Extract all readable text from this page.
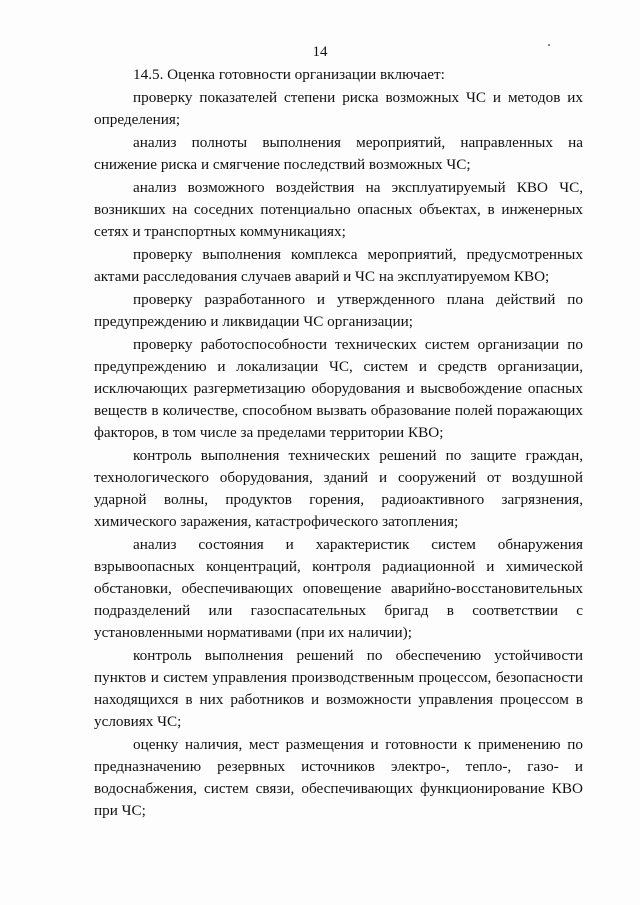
14

14.5. Оценка готовности организации включает:

проверку показателей степени риска возможных ЧС и методов их определения;

анализ полноты выполнения мероприятий, направленных на снижение риска и смягчение последствий возможных ЧС;

анализ возможного воздействия на эксплуатируемый КВО ЧС, возникших на соседних потенциально опасных объектах, в инженерных сетях и транспортных коммуникациях;

проверку выполнения комплекса мероприятий, предусмотренных актами расследования случаев аварий и ЧС на эксплуатируемом КВО;

проверку разработанного и утвержденного плана действий по предупреждению и ликвидации ЧС организации;

проверку работоспособности технических систем организации по предупреждению и локализации ЧС, систем и средств организации, исключающих разгерметизацию оборудования и высвобождение опасных веществ в количестве, способном вызвать образование полей поражающих факторов, в том числе за пределами территории КВО;

контроль выполнения технических решений по защите граждан, технологического оборудования, зданий и сооружений от воздушной ударной волны, продуктов горения, радиоактивного загрязнения, химического заражения, катастрофического затопления;

анализ состояния и характеристик систем обнаружения взрывоопасных концентраций, контроля радиационной и химической обстановки, обеспечивающих оповещение аварийно-восстановительных подразделений или газоспасательных бригад в соответствии с установленными нормативами (при их наличии);

контроль выполнения решений по обеспечению устойчивости пунктов и систем управления производственным процессом, безопасности находящихся в них работников и возможности управления процессом в условиях ЧС;

оценку наличия, мест размещения и готовности к применению по предназначению резервных источников электро-, тепло-, газо- и водоснабжения, систем связи, обеспечивающих функционирование КВО при ЧС;
